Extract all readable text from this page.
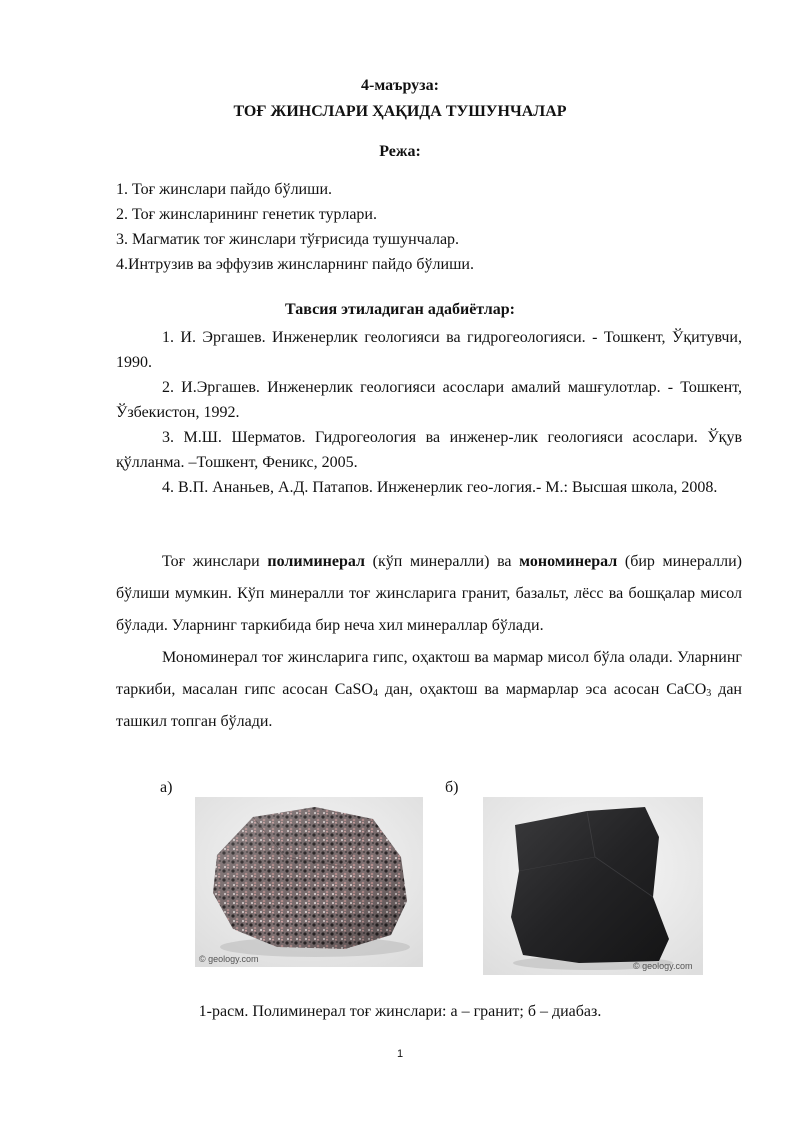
4-маъруза:
ТОҒ ЖИНСЛАРИ ҲАҚИДА ТУШУНЧАЛАР
Режа:
1. Тоғ жинслари пайдо бўлиши.
2. Тоғ жинсларининг генетик турлари.
3. Магматик тоғ жинслари тўғрисида тушунчалар.
4.Интрузив ва эффузив жинсларнинг пайдо бўлиши.
Тавсия этиладиган адабиётлар:

1. И. Эргашев. Инженерлик геологияси ва гидрогеологияси. - Тошкент, Ўқитувчи, 1990.

2. И.Эргашев. Инженерлик геологияси асослари амалий машғулотлар. - Тошкент, Ўзбекистон, 1992.

3. М.Ш. Шерматов. Гидрогеология ва инженер-лик геологияси асослари. Ўқув қўлланма. –Тошкент, Феникс, 2005.

4. В.П. Ананьев, А.Д. Патапов. Инженерлик гео-логия.- М.: Высшая школа, 2008.

Тоғ жинслари полиминерал (кўп минералли) ва мономинерал (бир минералли) бўлиши мумкин. Кўп минералли тоғ жинсларига гранит, базальт, лёсс ва бошқалар мисол бўлади. Уларнинг таркибида бир неча хил минераллар бўлади.

Мономинерал тоғ жинсларига гипс, оҳактош ва мармар мисол бўла олади. Уларнинг таркиби, масалан гипс асосан CaSO$_4$ дан, оҳактош ва мармарлар эса асосан CaCO$_3$ дан ташкил топган бўлади.

а)	б)
© geology.com
© geology.com
1-расм. Полиминерал тоғ жинслари: а – гранит; б – диабаз.
1
